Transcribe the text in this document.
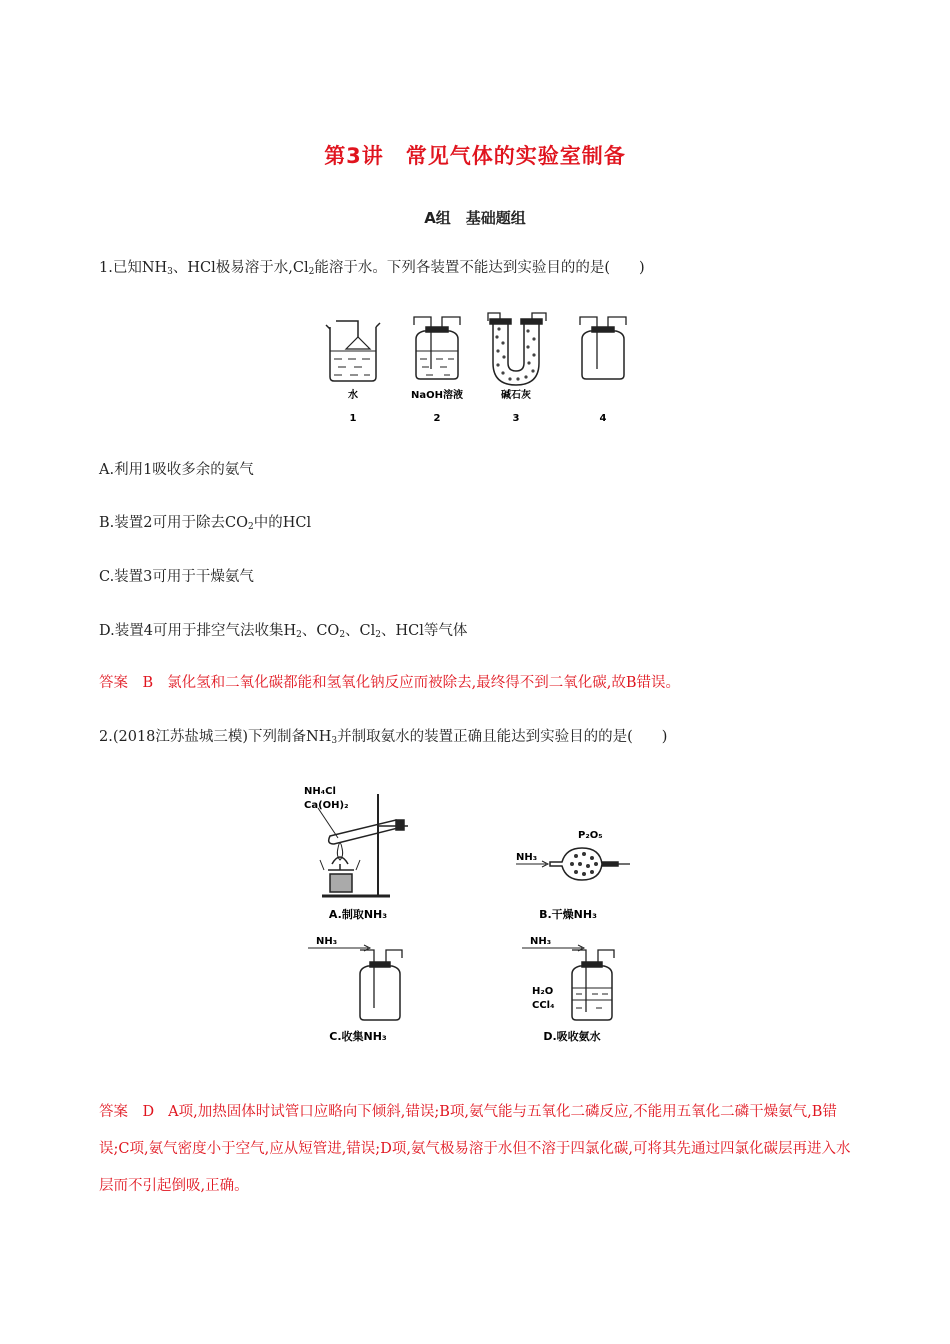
第3讲　常见气体的实验室制备
A组　基础题组
1.已知$NH_3$、HCl极易溶于水$,Cl_2$能溶于水。下列各装置不能达到实验目的的是(　　)
水	NaOH溶液	碱石灰
1	2	3	4
A.利用1吸收多余的氨气
B.装置2可用于除去$CO_2$中的HCl
C.装置3可用于干燥氨气
D.装置4可用于排空气法收集$H_2$、$CO_2$、$Cl_2$、HCl等气体
答案　B 氯化氢和二氧化碳都能和氢氧化钠反应而被除去,最终得不到二氧化碳,故B错误。
2.(2018江苏盐城三模)下列制备$NH_3$并制取氨水的装置正确且能达到实验目的的是(　　)
NH₄Cl
Ca(OH)₂
A.制取NH₃
P₂O₅
NH₃
B.干燥NH₃
NH₃
C.收集NH₃
NH₃
H₂O
CCl₄
D.吸收氨水
答案　D A项,加热固体时试管口应略向下倾斜,错误;B项,氨气能与五氧化二磷反应,不能用五氧化二磷干燥氨气,B错误;C项,氨气密度小于空气,应从短管进,错误;D项,氨气极易溶于水但不溶于四氯化碳,可将其先通过四氯化碳层再进入水层而不引起倒吸,正确。
